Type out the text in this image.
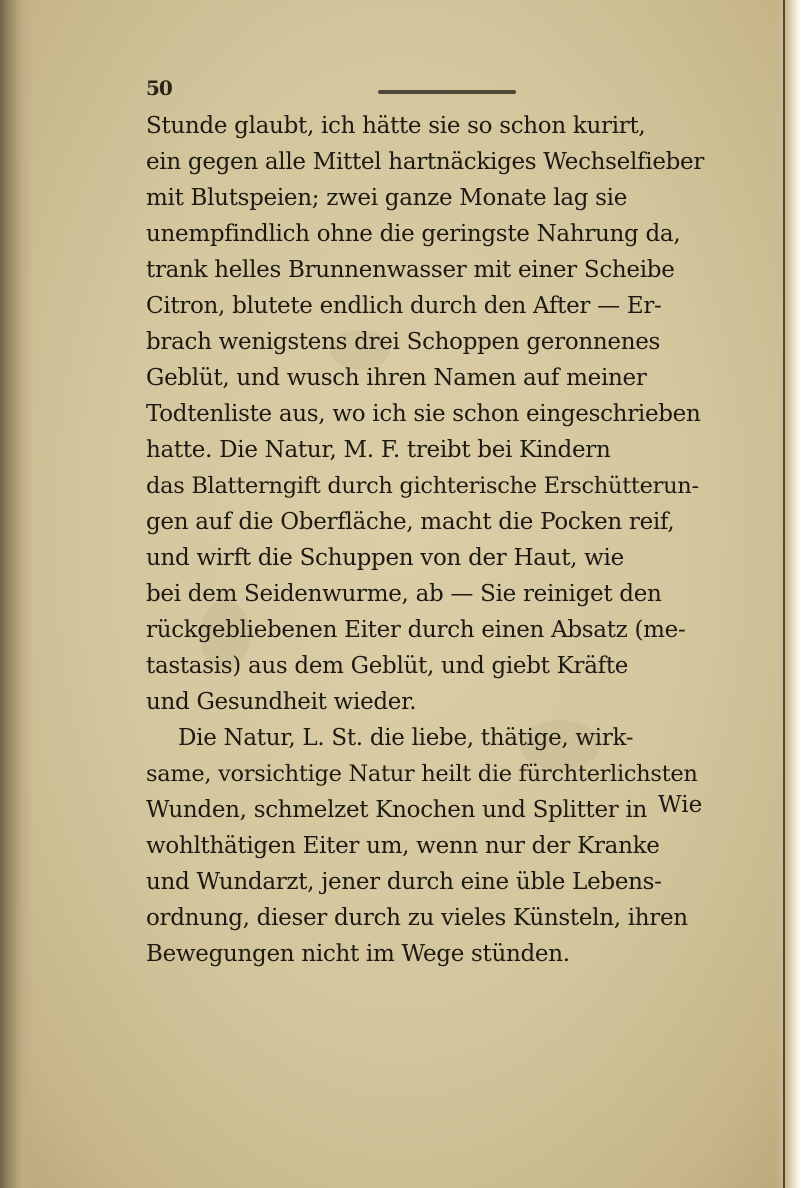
50
Stunde glaubt, ich hätte sie so schon kurirt,
ein gegen alle Mittel hartnäckiges Wechselfieber
mit Blutspeien; zwei ganze Monate lag sie
unempfindlich ohne die geringste Nahrung da,
trank helles Brunnenwasser mit einer Scheibe
Citron, blutete endlich durch den After — Er-
brach wenigstens drei Schoppen geronnenes
Geblüt, und wusch ihren Namen auf meiner
Todtenliste aus, wo ich sie schon eingeschrieben
hatte. Die Natur, M. F. treibt bei Kindern
das Blatterngift durch gichterische Erschütterun-
gen auf die Oberfläche, macht die Pocken reif,
und wirft die Schuppen von der Haut, wie
bei dem Seidenwurme, ab — Sie reiniget den
rückgebliebenen Eiter durch einen Absatz (me-
tastasis) aus dem Geblüt, und giebt Kräfte
und Gesundheit wieder.
Die Natur, L. St. die liebe, thätige, wirk-
same, vorsichtige Natur heilt die fürchterlichsten
Wunden, schmelzet Knochen und Splitter in
wohlthätigen Eiter um, wenn nur der Kranke
und Wundarzt, jener durch eine üble Lebens-
ordnung, dieser durch zu vieles Künsteln, ihren
Bewegungen nicht im Wege stünden.
Wie
